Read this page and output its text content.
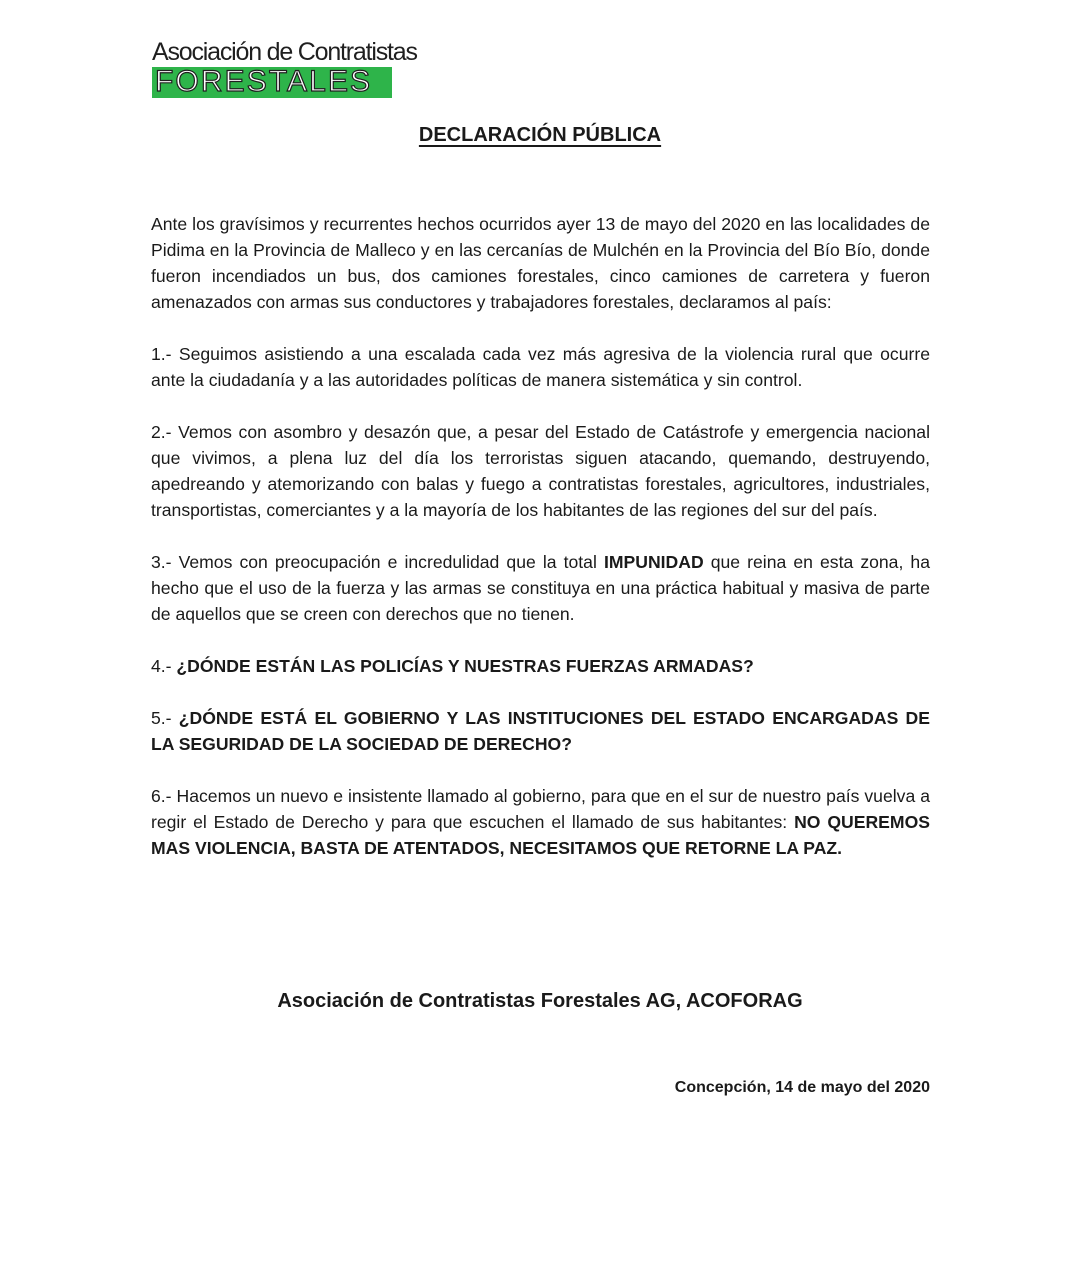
Asociación de Contratistas
FORESTALES
DECLARACIÓN PÚBLICA

Ante los gravísimos y recurrentes hechos ocurridos ayer 13 de mayo del 2020 en las localidades de Pidima en la Provincia de Malleco y en las cercanías de Mulchén en la Provincia del Bío Bío, donde fueron incendiados un bus, dos camiones forestales, cinco camiones de carretera y fueron amenazados con armas sus conductores y trabajadores forestales, declaramos al país:

1.- Seguimos asistiendo a una escalada cada vez más agresiva de la violencia rural que ocurre ante la ciudadanía y a las autoridades políticas de manera sistemática y sin control.

2.- Vemos con asombro y desazón que, a pesar del Estado de Catástrofe y emergencia nacional que vivimos, a plena luz del día los terroristas siguen atacando, quemando, destruyendo, apedreando y atemorizando con balas y fuego a contratistas forestales, agricultores, industriales, transportistas, comerciantes y a la mayoría de los habitantes de las regiones del sur del país.

3.- Vemos con preocupación e incredulidad que la total IMPUNIDAD que reina en esta zona, ha hecho que el uso de la fuerza y las armas se constituya en una práctica habitual y masiva de parte de aquellos que se creen con derechos que no tienen.

4.- ¿DÓNDE ESTÁN LAS POLICÍAS Y NUESTRAS FUERZAS ARMADAS?

5.- ¿DÓNDE ESTÁ EL GOBIERNO Y LAS INSTITUCIONES DEL ESTADO ENCARGADAS DE LA SEGURIDAD DE LA SOCIEDAD DE DERECHO?

6.- Hacemos un nuevo e insistente llamado al gobierno, para que en el sur de nuestro país vuelva a regir el Estado de Derecho y para que escuchen el llamado de sus habitantes: NO QUEREMOS MAS VIOLENCIA, BASTA DE ATENTADOS, NECESITAMOS QUE RETORNE LA PAZ.

Asociación de Contratistas Forestales AG, ACOFORAG
Concepción, 14 de mayo del 2020
